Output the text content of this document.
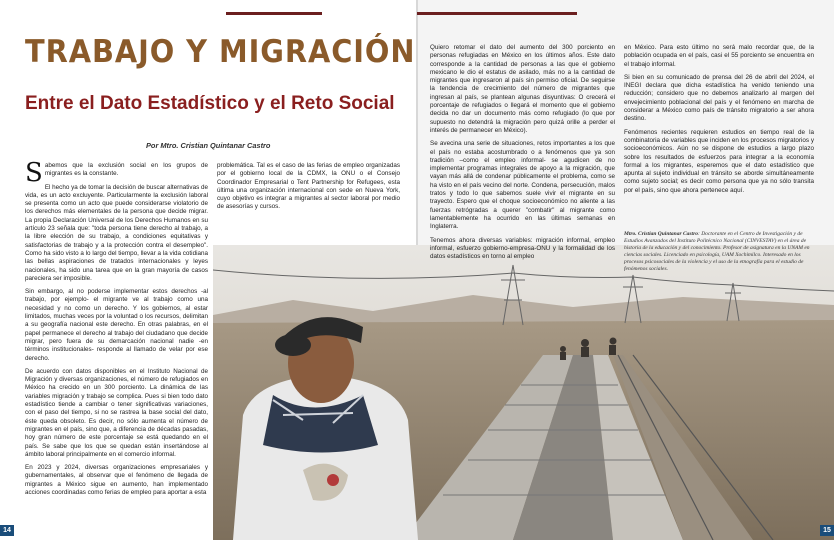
TRABAJO Y MIGRACIÓN
Entre el Dato Estadístico y el Reto Social
Por Mtro. Cristian Quintanar Castro

Sabemos que la exclusión social en los grupos de migrantes es la constante.

El hecho ya de tomar la decisión de buscar alternativas de vida, es un acto excluyente. Particularmente la exclusión laboral se presenta como un acto que puede considerarse violatorio de los derechos más elementales de la persona que decide migrar. La propia Declaración Universal de los Derechos Humanos en su artículo 23 señala que: "toda persona tiene derecho al trabajo, a la libre elección de su trabajo, a condiciones equitativas y satisfactorias de trabajo y a la protección contra el desempleo". Como ha sido visto a lo largo del tiempo, llevar a la vida cotidiana las bellas aspiraciones de tratados internacionales y leyes nacionales, ha sido una tarea que en la gran mayoría de casos pareciera ser imposible.

Sin embargo, al no poderse implementar estos derechos -al trabajo, por ejemplo- el migrante ve al trabajo como una necesidad y no como un derecho. Y los gobiernos, al estar limitados, muchas veces por la voluntad o los recursos, delimitan a su geografía nacional este derecho. En otras palabras, en el papel permanece el derecho al trabajo del ciudadano que decide migrar, pero fuera de su demarcación nacional nadie -en términos institucionales- responde al llamado de velar por ese derecho.

De acuerdo con datos disponibles en el Instituto Nacional de Migración y diversas organizaciones, el número de refugiados en México ha crecido en un 300 porciento. La dinámica de las variables migración y trabajo se complica. Pues si bien todo dato estadístico tiende a cambiar o tener significativas variaciones, con el paso del tiempo, si no se rastrea la base social del dato, éste queda obsoleto. Es decir, no sólo aumenta el número de migrantes en el país, sino que, a diferencia de décadas pasadas, hoy gran número de este porcentaje se está quedando en el país. Se sabe que los que se quedan están insertándose al ámbito laboral principalmente en el comercio informal.

En 2023 y 2024, diversas organizaciones empresariales y gubernamentales, al observar que el fenómeno de llegada de migrantes a México sigue en aumento, han implementado acciones coordinadas como ferias de empleo para aportar a esta

problemática. Tal es el caso de las ferias de empleo organizadas por el gobierno local de la CDMX, la ONU o el Consejo Coordinador Empresarial o Tent Partnership for Refugees, esta última una organización internacional con sede en Nueva York, cuyo objetivo es integrar a migrantes al sector laboral por medio de asesorías y cursos.

Quiero retomar el dato del aumento del 300 porciento en personas refugiadas en México en los últimos años. Este dato corresponde a la cantidad de personas a las que el gobierno mexicano le dio el estatus de asilado, más no a la cantidad de migrantes que ingresaron al país sin permiso oficial. De seguirse la tendencia de crecimiento del número de migrantes que ingresan al país, se plantean algunas disyuntivas: O crecerá el porcentaje de refugiados o llegará el momento que el gobierno decida no dar un documento más como refugiado (lo que por supuesto no detendrá la migración pero quizá orille a perder el interés de permanecer en México).

Se avecina una serie de situaciones, retos importantes a los que el país no estaba acostumbrado o a fenómenos que ya son tradición –como el empleo informal- se agudicen de no implementar programas integrales de apoyo a la migración, que vayan más allá de condenar públicamente el problema, como se ha visto en el país vecino del norte. Condena, persecución, malos tratos y todo lo que sabemos suele vivir el migrante en su trayecto. Espero que el choque socioeconómico no aliente a las fuerzas retrógradas a querer "combatir" al migrante como lamentablemente ha ocurrido en las últimas semanas en Inglaterra.

Tenemos ahora diversas variables: migración informal, empleo informal, esfuerzo gobierno-empresa-ONU y la formalidad de los datos estadísticos en torno al empleo

en México. Para esto último no será malo recordar que, de la población ocupada en el país, casi el 55 porciento se encuentra en el trabajo informal.

Si bien en su comunicado de prensa del 26 de abril del 2024, el INEGI declara que dicha estadística ha venido teniendo una reducción; considero que no debemos analizarlo al margen del envejecimiento poblacional del país y el fenómeno en marcha de considerar a México como país de tránsito migratorio a ser ahora destino.

Fenómenos recientes requieren estudios en tiempo real de la combinatoria de variables que inciden en los procesos migratorios y socioeconómicos. Aún no se dispone de estudios a largo plazo sobre los resultados de esfuerzos para integrar a la economía formal a los migrantes, esperemos que el dato estadístico que apunta al sujeto individual en tránsito se aborde simultáneamente como sujeto social; es decir como persona que ya no sólo transita por el país, sino que ahora pertenece aquí.

Mtro. Cristian Quintanar Castro: Doctorante en el Centro de Investigación y de Estudios Avanzados del Instituto Politécnico Nacional (CINVESTAV) en el área de historia de la educación y del conocimiento. Profesor de asignatura en la UNAM en ciencias sociales. Licenciado en psicología, UAM Xochimilco. Interesado en los procesos psicosociales de la violencia y el uso de la etnografía para el estudio de fenómenos sociales.
14	15
